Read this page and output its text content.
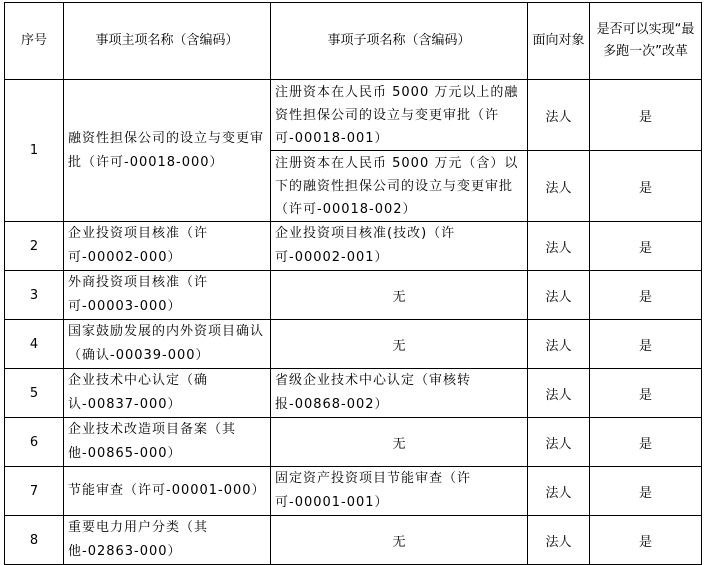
序号	事项主项名称（含编码）	事项子项名称（含编码）	面向对象	是否可以实现“最多跑一次”改革
1	融资性担保公司的设立与变更审批（许可-00018-000）	注册资本在人民币 5000 万元以上的融资性担保公司的设立与变更审批（许可-00018-001）	法人	是
		注册资本在人民币 5000 万元（含）以下的融资性担保公司的设立与变更审批（许可-00018-002）	法人	是
2	企业投资项目核准（许可-00002-000）	企业投资项目核准(技改)（许可-00002-001）	法人	是
3	外商投资项目核准（许可-00003-000）	无	法人	是
4	国家鼓励发展的内外资项目确认（确认-00039-000）	无	法人	是
5	企业技术中心认定（确认-00837-000）	省级企业技术中心认定（审核转报-00868-002）	法人	是
6	企业技术改造项目备案（其他-00865-000）	无	法人	是
7	节能审查（许可-00001-000）	固定资产投资项目节能审查（许可-00001-001）	法人	是
8	重要电力用户分类（其他-02863-000）	无	法人	是
